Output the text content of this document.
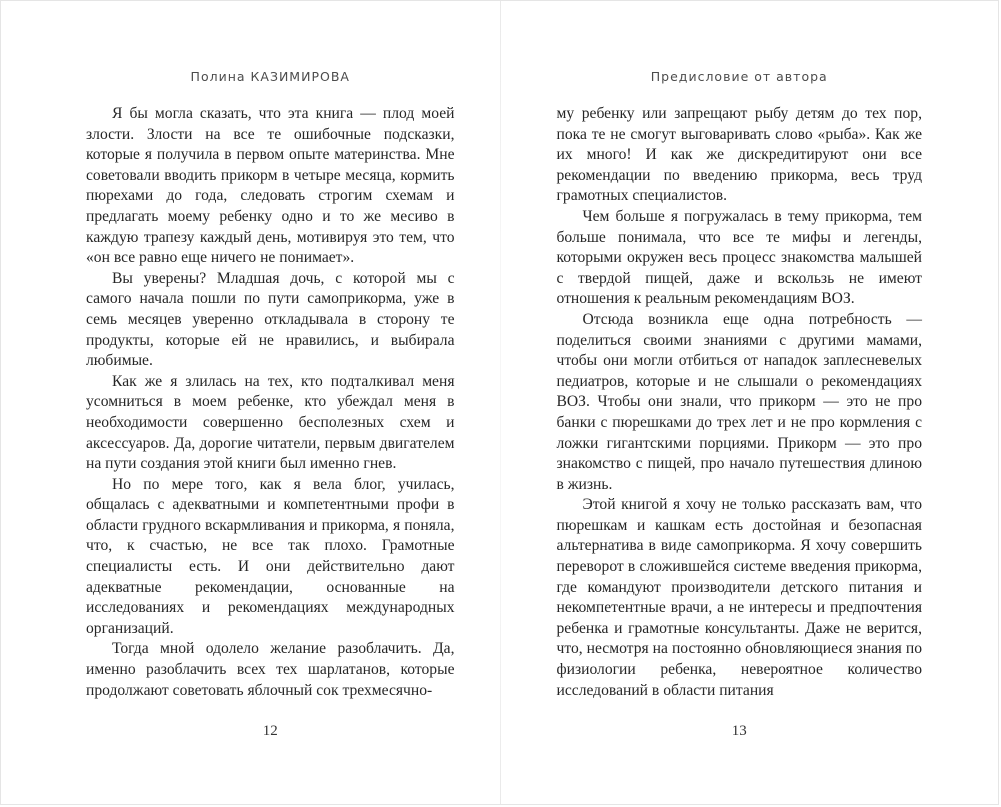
Полина КАЗИМИРОВА

Я бы могла сказать, что эта книга — плод моей злости. Злости на все те ошибочные подсказки, которые я получила в первом опыте материнства. Мне советовали вводить прикорм в четыре месяца, кормить пюрехами до года, следовать строгим схемам и предлагать моему ребенку одно и то же месиво в каждую трапезу каждый день, мотивируя это тем, что «он все равно еще ничего не понимает».

Вы уверены? Младшая дочь, с которой мы с самого начала пошли по пути самоприкорма, уже в семь месяцев уверенно откладывала в сторону те продукты, которые ей не нравились, и выбирала любимые.

Как же я злилась на тех, кто подталкивал меня усомниться в моем ребенке, кто убеждал меня в необходимости совершенно бесполезных схем и аксессуаров. Да, дорогие читатели, первым двигателем на пути создания этой книги был именно гнев.

Но по мере того, как я вела блог, училась, общалась с адекватными и компетентными профи в области грудного вскармливания и прикорма, я поняла, что, к счастью, не все так плохо. Грамотные специалисты есть. И они действительно дают адекватные рекомендации, основанные на исследованиях и рекомендациях международных организаций.

Тогда мной одолело желание разоблачить. Да, именно разоблачить всех тех шарлатанов, которые продолжают советовать яблочный сок трехмесячно-

12
Предисловие от автора

му ребенку или запрещают рыбу детям до тех пор, пока те не смогут выговаривать слово «рыба». Как же их много! И как же дискредитируют они все рекомендации по введению прикорма, весь труд грамотных специалистов.

Чем больше я погружалась в тему прикорма, тем больше понимала, что все те мифы и легенды, которыми окружен весь процесс знакомства малышей с твердой пищей, даже и вскользь не имеют отношения к реальным рекомендациям ВОЗ.

Отсюда возникла еще одна потребность — поделиться своими знаниями с другими мамами, чтобы они могли отбиться от нападок заплесневелых педиатров, которые и не слышали о рекомендациях ВОЗ. Чтобы они знали, что прикорм — это не про банки с пюрешками до трех лет и не про кормления с ложки гигантскими порциями. Прикорм — это про знакомство с пищей, про начало путешествия длиною в жизнь.

Этой книгой я хочу не только рассказать вам, что пюрешкам и кашкам есть достойная и безопасная альтернатива в виде самоприкорма. Я хочу совершить переворот в сложившейся системе введения прикорма, где командуют производители детского питания и некомпетентные врачи, а не интересы и предпочтения ребенка и грамотные консультанты. Даже не верится, что, несмотря на постоянно обновляющиеся знания по физиологии ребенка, невероятное количество исследований в области питания

13
